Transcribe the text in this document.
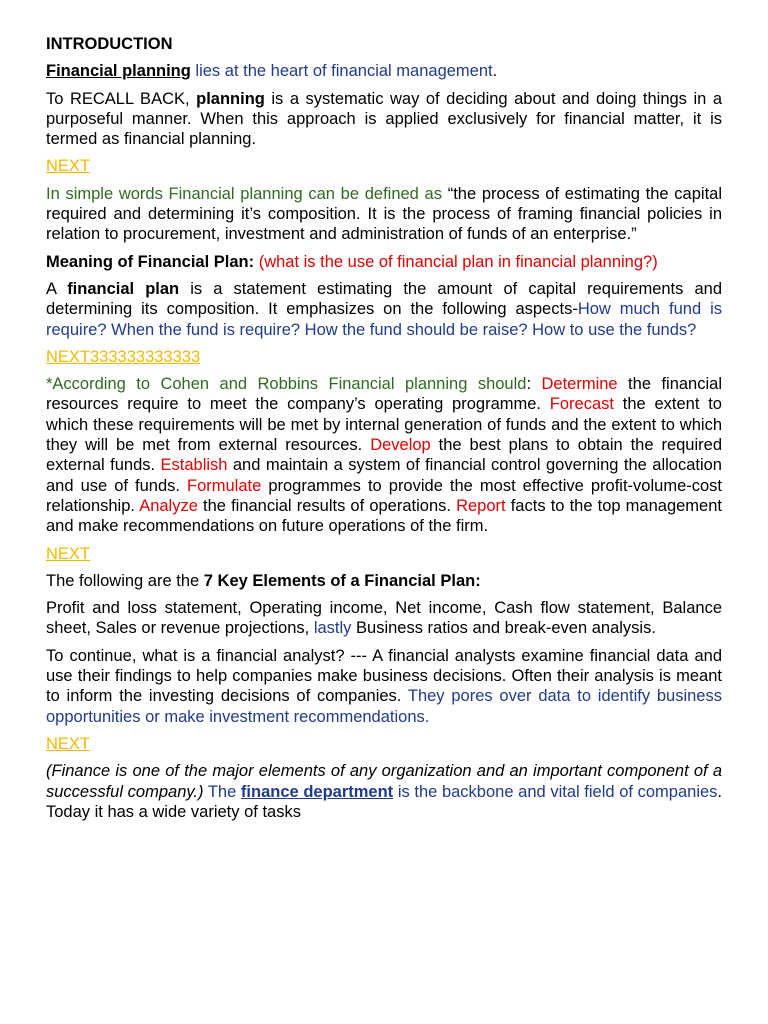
INTRODUCTION

Financial planning lies at the heart of financial management.

To RECALL BACK, planning is a systematic way of deciding about and doing things in a purposeful manner. When this approach is applied exclusively for financial matter, it is termed as financial planning.

NEXT

In simple words Financial planning can be defined as “the process of estimating the capital required and determining it’s composition. It is the process of framing financial policies in relation to procurement, investment and administration of funds of an enterprise.”

Meaning of Financial Plan: (what is the use of financial plan in financial planning?)

A financial plan is a statement estimating the amount of capital requirements and determining its composition. It emphasizes on the following aspects-How much fund is require? When the fund is require? How the fund should be raise? How to use the funds?

NEXT333333333333

*According to Cohen and Robbins Financial planning should: Determine the financial resources require to meet the company’s operating programme. Forecast the extent to which these requirements will be met by internal generation of funds and the extent to which they will be met from external resources. Develop the best plans to obtain the required external funds. Establish and maintain a system of financial control governing the allocation and use of funds. Formulate programmes to provide the most effective profit-volume-cost relationship. Analyze the financial results of operations. Report facts to the top management and make recommendations on future operations of the firm.

NEXT

The following are the 7 Key Elements of a Financial Plan:

Profit and loss statement, Operating income, Net income, Cash flow statement, Balance sheet, Sales or revenue projections, lastly Business ratios and break-even analysis.

To continue, what is a financial analyst? --- A financial analysts examine financial data and use their findings to help companies make business decisions. Often their analysis is meant to inform the investing decisions of companies. They pores over data to identify business opportunities or make investment recommendations.

NEXT

(Finance is one of the major elements of any organization and an important component of a successful company.) The finance department is the backbone and vital field of companies. Today it has a wide variety of tasks
